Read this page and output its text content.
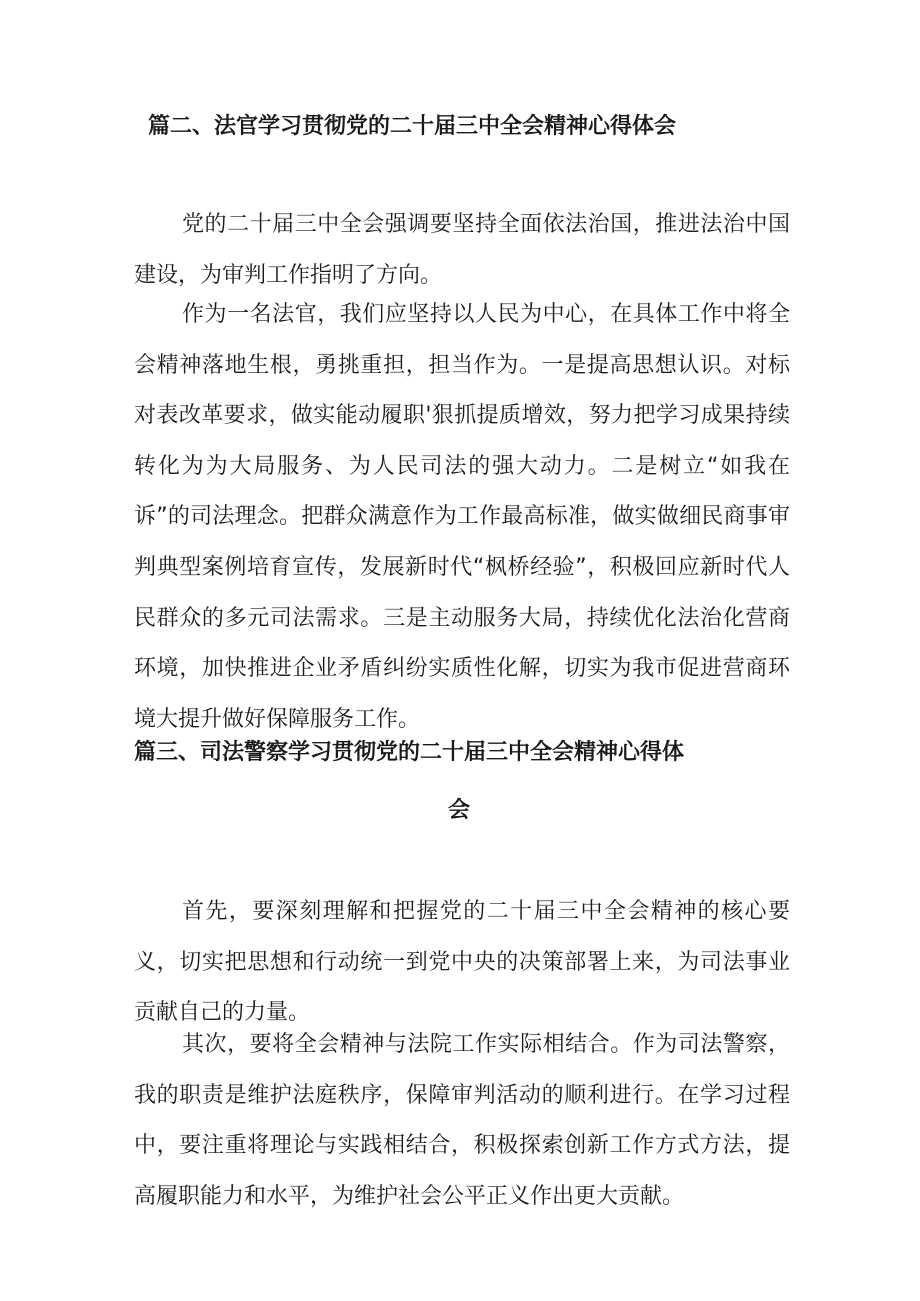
篇二、法官学习贯彻党的二十届三中全会精神心得体会

党的二十届三中全会强调要坚持全面依法治国，推进法治中国建设，为审判工作指明了方向。

作为一名法官，我们应坚持以人民为中心，在具体工作中将全会精神落地生根，勇挑重担，担当作为。一是提高思想认识。对标对表改革要求，做实能动履职'狠抓提质增效，努力把学习成果持续转化为为大局服务、为人民司法的强大动力。二是树立“如我在诉”的司法理念。把群众满意作为工作最高标准，做实做细民商事审判典型案例培育宣传，发展新时代“枫桥经验”，积极回应新时代人民群众的多元司法需求。三是主动服务大局，持续优化法治化营商环境，加快推进企业矛盾纠纷实质性化解，切实为我市促进营商环境大提升做好保障服务工作。

篇三、司法警察学习贯彻党的二十届三中全会精神心得体
会

首先，要深刻理解和把握党的二十届三中全会精神的核心要义，切实把思想和行动统一到党中央的决策部署上来，为司法事业贡献自己的力量。

其次，要将全会精神与法院工作实际相结合。作为司法警察，我的职责是维护法庭秩序，保障审判活动的顺利进行。在学习过程中，要注重将理论与实践相结合，积极探索创新工作方式方法，提高履职能力和水平，为维护社会公平正义作出更大贡献。
